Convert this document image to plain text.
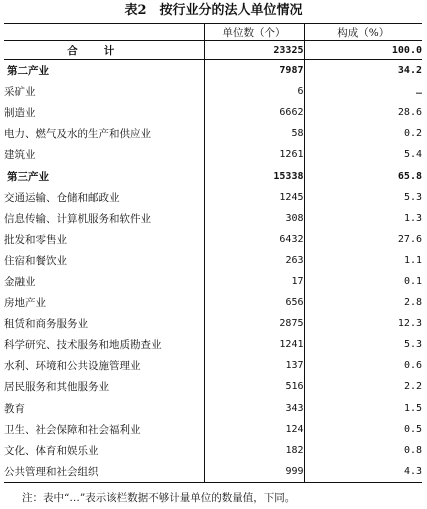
表2　按行业分的法人单位情况
	单位数（个）	构成（%）
合计	23325	100.0
第二产业	7987	34.2
采矿业	6	…
制造业	6662	28.6
电力、燃气及水的生产和供应业	58	0.2
建筑业	1261	5.4
第三产业	15338	65.8
交通运输、仓储和邮政业	1245	5.3
信息传输、计算机服务和软件业	308	1.3
批发和零售业	6432	27.6
住宿和餐饮业	263	1.1
金融业	17	0.1
房地产业	656	2.8
租赁和商务服务业	2875	12.3
科学研究、技术服务和地质勘查业	1241	5.3
水利、环境和公共设施管理业	137	0.6
居民服务和其他服务业	516	2.2
教育	343	1.5
卫生、社会保障和社会福利业	124	0.5
文化、体育和娱乐业	182	0.8
公共管理和社会组织	999	4.3
注：表中“…”表示该栏数据不够计量单位的数量值，下同。
